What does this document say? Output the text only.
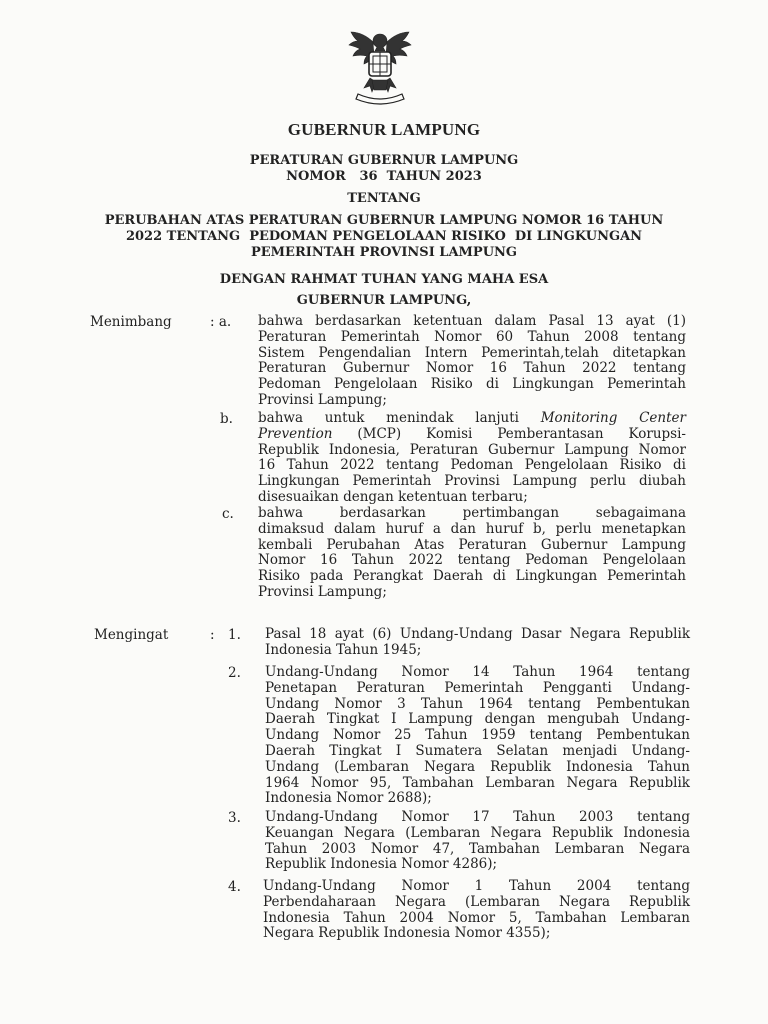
GUBERNUR LAMPUNG
PERATURAN GUBERNUR LAMPUNG
NOMOR   36  TAHUN 2023
TENTANG
PERUBAHAN ATAS PERATURAN GUBERNUR LAMPUNG NOMOR 16 TAHUN
2022 TENTANG  PEDOMAN PENGELOLAAN RISIKO  DI LINGKUNGAN
PEMERINTAH PROVINSI LAMPUNG
DENGAN RAHMAT TUHAN YANG MAHA ESA
GUBERNUR LAMPUNG,
Menimbang	: a. bahwa berdasarkan ketentuan dalam Pasal 13 ayat (1)
Peraturan Pemerintah Nomor 60 Tahun 2008 tentang
Sistem Pengendalian Intern Pemerintah,telah ditetapkan
Peraturan Gubernur Nomor 16 Tahun 2022 tentang
Pedoman Pengelolaan Risiko di Lingkungan Pemerintah
Provinsi Lampung;
b. bahwa untuk menindak lanjuti Monitoring Center
Prevention (MCP) Komisi Pemberantasan Korupsi-
Republik Indonesia, Peraturan Gubernur Lampung Nomor
16 Tahun 2022 tentang Pedoman Pengelolaan Risiko di
Lingkungan Pemerintah Provinsi Lampung perlu diubah
disesuaikan dengan ketentuan terbaru;
c. bahwa berdasarkan pertimbangan sebagaimana
dimaksud dalam huruf a dan huruf b, perlu menetapkan
kembali Perubahan Atas Peraturan Gubernur Lampung
Nomor 16 Tahun 2022 tentang Pedoman Pengelolaan
Risiko pada Perangkat Daerah di Lingkungan Pemerintah
Provinsi Lampung;
Mengingat	: 1. Pasal 18 ayat (6) Undang-Undang Dasar Negara Republik
Indonesia Tahun 1945;
2. Undang-Undang Nomor 14 Tahun 1964 tentang
Penetapan Peraturan Pemerintah Pengganti Undang-
Undang Nomor 3 Tahun 1964 tentang Pembentukan
Daerah Tingkat I Lampung dengan mengubah Undang-
Undang Nomor 25 Tahun 1959 tentang Pembentukan
Daerah Tingkat I Sumatera Selatan menjadi Undang-
Undang (Lembaran Negara Republik Indonesia Tahun
1964 Nomor 95, Tambahan Lembaran Negara Republik
Indonesia Nomor 2688);
3. Undang-Undang Nomor 17 Tahun 2003 tentang
Keuangan Negara (Lembaran Negara Republik Indonesia
Tahun 2003 Nomor 47, Tambahan Lembaran Negara
Republik Indonesia Nomor 4286);
4. Undang-Undang Nomor 1 Tahun 2004 tentang
Perbendaharaan Negara (Lembaran Negara Republik
Indonesia Tahun 2004 Nomor 5, Tambahan Lembaran
Negara Republik Indonesia Nomor 4355);
